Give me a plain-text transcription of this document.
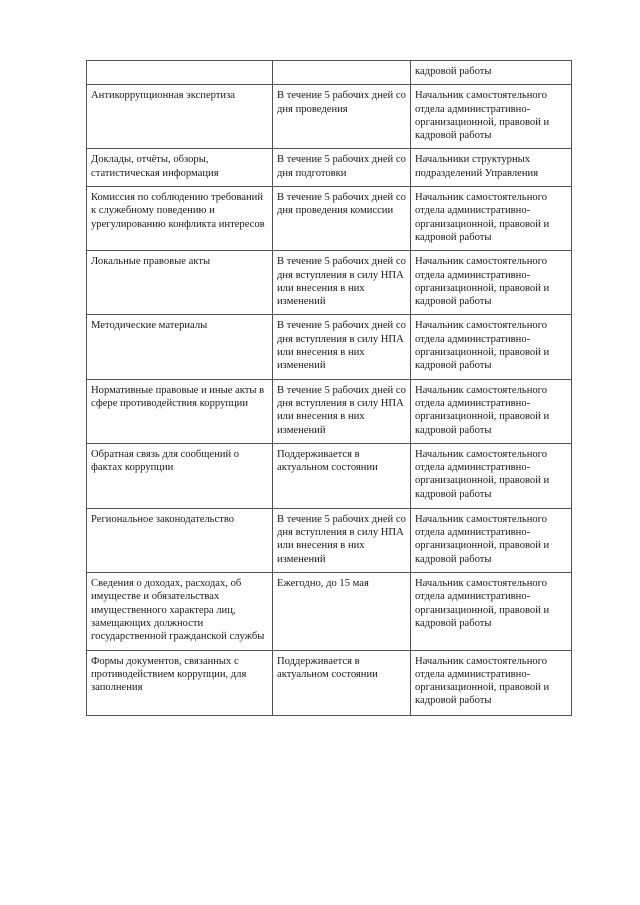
		кадровой работы
Антикоррупционная экспертиза	В течение 5 рабочих дней со дня проведения	Начальник самостоятельного отдела административно-организационной, правовой и кадровой работы
Доклады, отчёты, обзоры, статистическая информация	В течение 5 рабочих дней со дня подготовки	Начальники структурных подразделений Управления
Комиссия по соблюдению требований к служебному поведению и урегулированию конфликта интересов	В течение 5 рабочих дней со дня проведения комиссии	Начальник самостоятельного отдела административно-организационной, правовой и кадровой работы
Локальные правовые акты	В течение 5 рабочих дней со дня вступления в силу НПА или внесения в них изменений	Начальник самостоятельного отдела административно-организационной, правовой и кадровой работы
Методические материалы	В течение 5 рабочих дней со дня вступления в силу НПА или внесения в них изменений	Начальник самостоятельного отдела административно-организационной, правовой и кадровой работы
Нормативные правовые и иные акты в сфере противодействия коррупции	В течение 5 рабочих дней со дня вступления в силу НПА или внесения в них изменений	Начальник самостоятельного отдела административно-организационной, правовой и кадровой работы
Обратная связь для сообщений о фактах коррупции	Поддерживается в актуальном состоянии	Начальник самостоятельного отдела административно-организационной, правовой и кадровой работы
Региональное законодательство	В течение 5 рабочих дней со дня вступления в силу НПА или внесения в них изменений	Начальник самостоятельного отдела административно-организационной, правовой и кадровой работы
Сведения о доходах, расходах, об имуществе и обязательствах имущественного характера лиц, замещающих должности государственной гражданской службы	Ежегодно, до 15 мая	Начальник самостоятельного отдела административно-организационной, правовой и кадровой работы
Формы документов, связанных с противодействием коррупции, для заполнения	Поддерживается в актуальном состоянии	Начальник самостоятельного отдела административно-организационной, правовой и кадровой работы
